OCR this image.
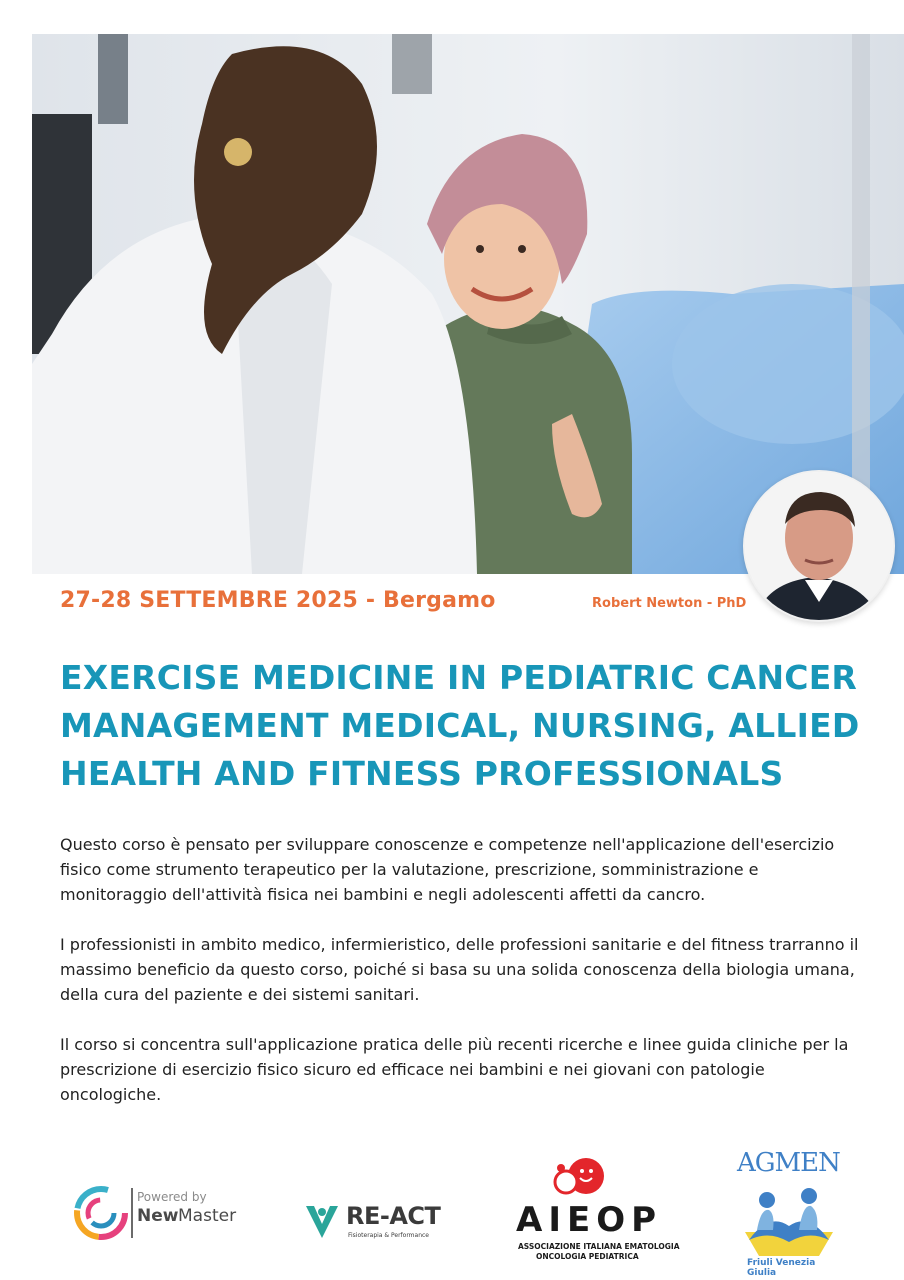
27-28 SETTEMBRE 2025 - Bergamo	Robert Newton - PhD

EXERCISE MEDICINE IN PEDIATRIC CANCER MANAGEMENT MEDICAL, NURSING, ALLIED HEALTH AND FITNESS PROFESSIONALS

Questo corso è pensato per sviluppare conoscenze e competenze nell'applicazione dell'esercizio fisico come strumento terapeutico per la valutazione, prescrizione, somministrazione e monitoraggio dell'attività fisica nei bambini e negli adolescenti affetti da cancro.

I professionisti in ambito medico, infermieristico, delle professioni sanitarie e del fitness trarranno il massimo beneficio da questo corso, poiché si basa su una solida conoscenza della biologia umana, della cura del paziente e dei sistemi sanitari.

Il corso si concentra sull'applicazione pratica delle più recenti ricerche e linee guida cliniche per la prescrizione di esercizio fisico sicuro ed efficace nei bambini e nei giovani con patologie oncologiche.

Powered by
New Master	RE-ACT
Fisioterapia & Performance	AIEOP
ASSOCIAZIONE ITALIANA EMATOLOGIA
ONCOLOGIA PEDIATRICA
AGMEN
Friuli Venezia Giulia
